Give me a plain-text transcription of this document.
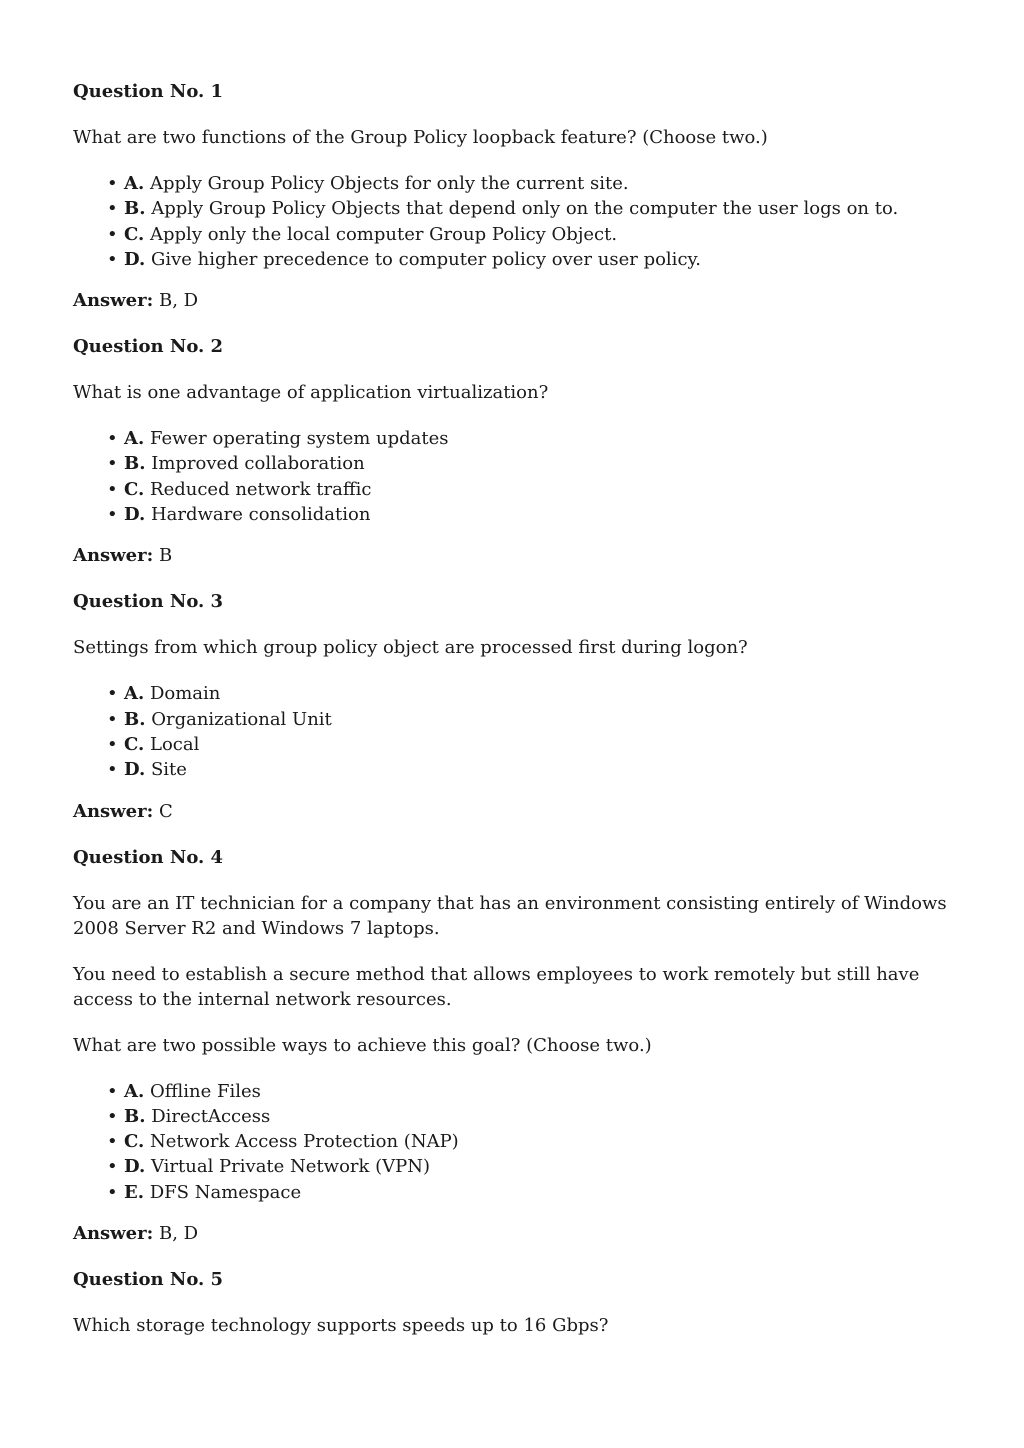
Question No. 1
What are two functions of the Group Policy loopback feature? (Choose two.)
• A. Apply Group Policy Objects for only the current site.
• B. Apply Group Policy Objects that depend only on the computer the user logs on to.
• C. Apply only the local computer Group Policy Object.
• D. Give higher precedence to computer policy over user policy.
Answer: B, D
Question No. 2
What is one advantage of application virtualization?
• A. Fewer operating system updates
• B. Improved collaboration
• C. Reduced network traffic
• D. Hardware consolidation
Answer: B
Question No. 3
Settings from which group policy object are processed first during logon?
• A. Domain
• B. Organizational Unit
• C. Local
• D. Site
Answer: C
Question No. 4
You are an IT technician for a company that has an environment consisting entirely of Windows 2008 Server R2 and Windows 7 laptops.
You need to establish a secure method that allows employees to work remotely but still have access to the internal network resources.
What are two possible ways to achieve this goal? (Choose two.)
• A. Offline Files
• B. DirectAccess
• C. Network Access Protection (NAP)
• D. Virtual Private Network (VPN)
• E. DFS Namespace
Answer: B, D
Question No. 5
Which storage technology supports speeds up to 16 Gbps?
